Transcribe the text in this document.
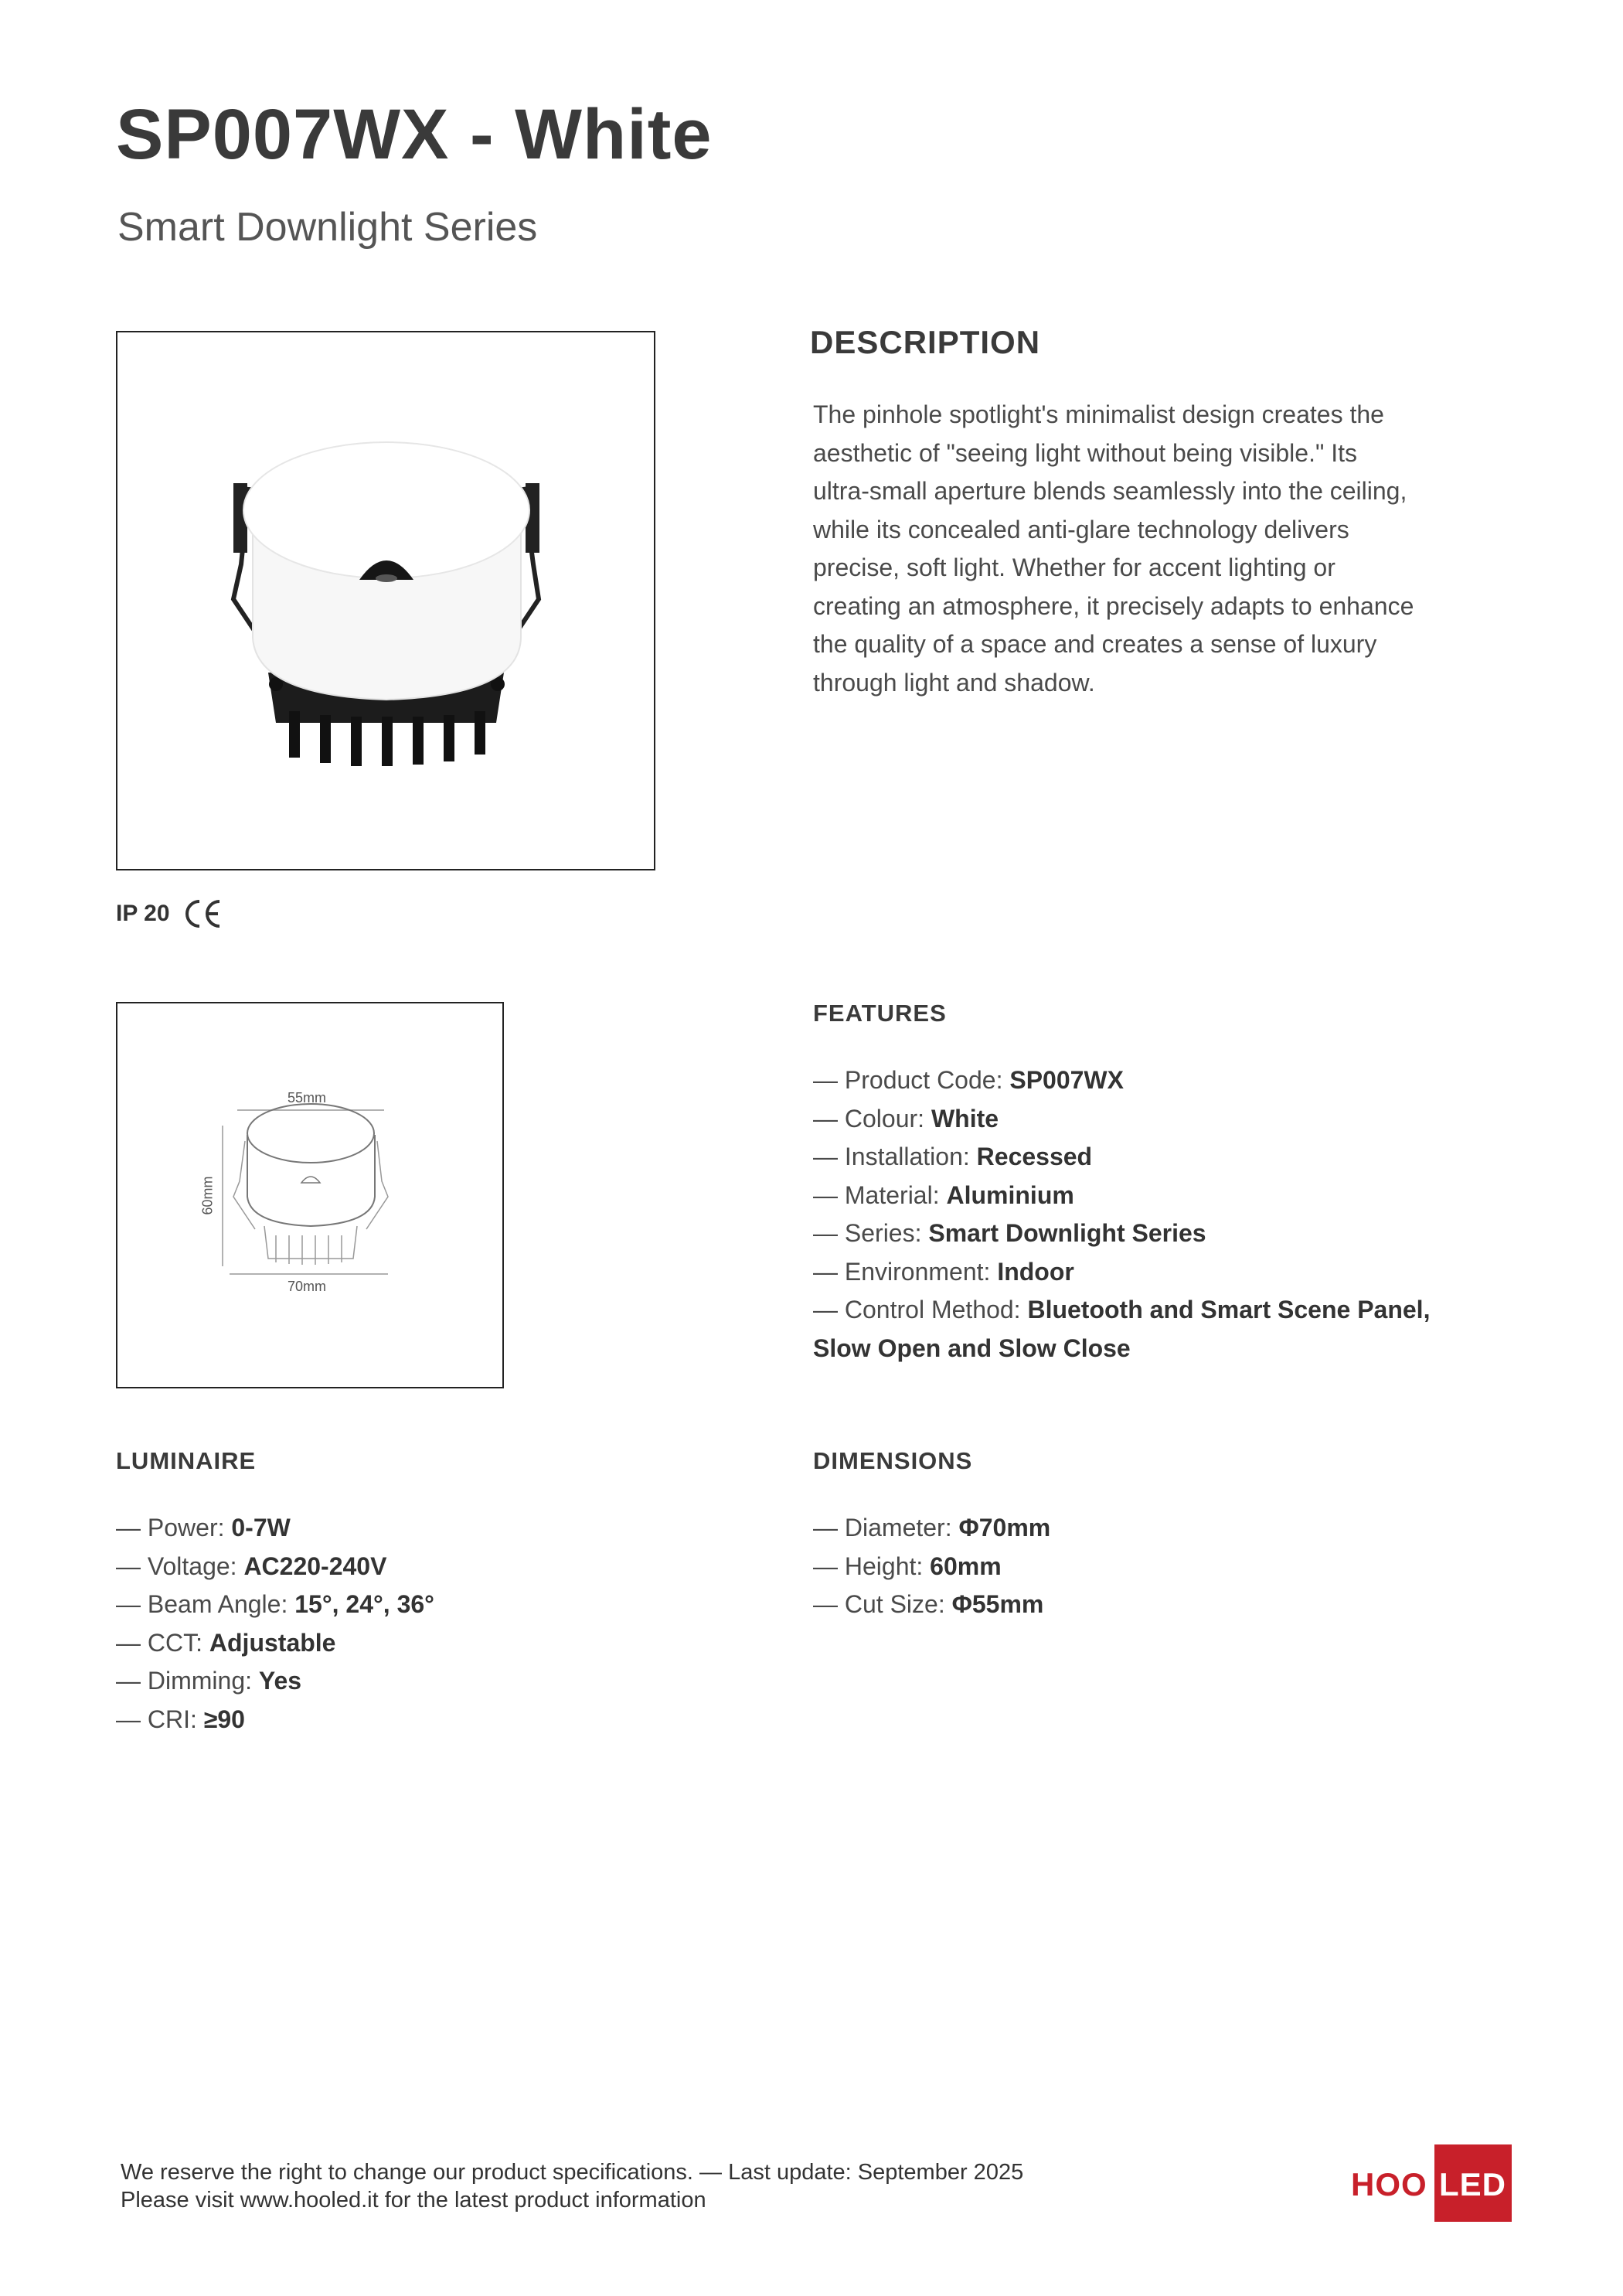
SP007WX - White
Smart Downlight Series
IP 20
DESCRIPTION
The pinhole spotlight's minimalist design creates the
aesthetic of "seeing light without being visible." Its
ultra-small aperture blends seamlessly into the ceiling,
while its concealed anti-glare technology delivers
precise, soft light. Whether for accent lighting or
creating an atmosphere, it precisely adapts to enhance
the quality of a space and creates a sense of luxury
through light and shadow.
55mm
60mm
70mm
FEATURES
— Product Code: SP007WX
— Colour: White
— Installation: Recessed
— Material: Aluminium
— Series: Smart Downlight Series
— Environment: Indoor
— Control Method: Bluetooth and Smart Scene Panel,
Slow Open and Slow Close
LUMINAIRE
— Power: 0-7W
— Voltage: AC220-240V
— Beam Angle: 15°, 24°, 36°
— CCT: Adjustable
— Dimming: Yes
— CRI: ≥90
DIMENSIONS
— Diameter: Φ70mm
— Height: 60mm
— Cut Size: Φ55mm
We reserve the right to change our product specifications. — Last update: September 2025
Please visit www.hooled.it for the latest product information	HOO LED
